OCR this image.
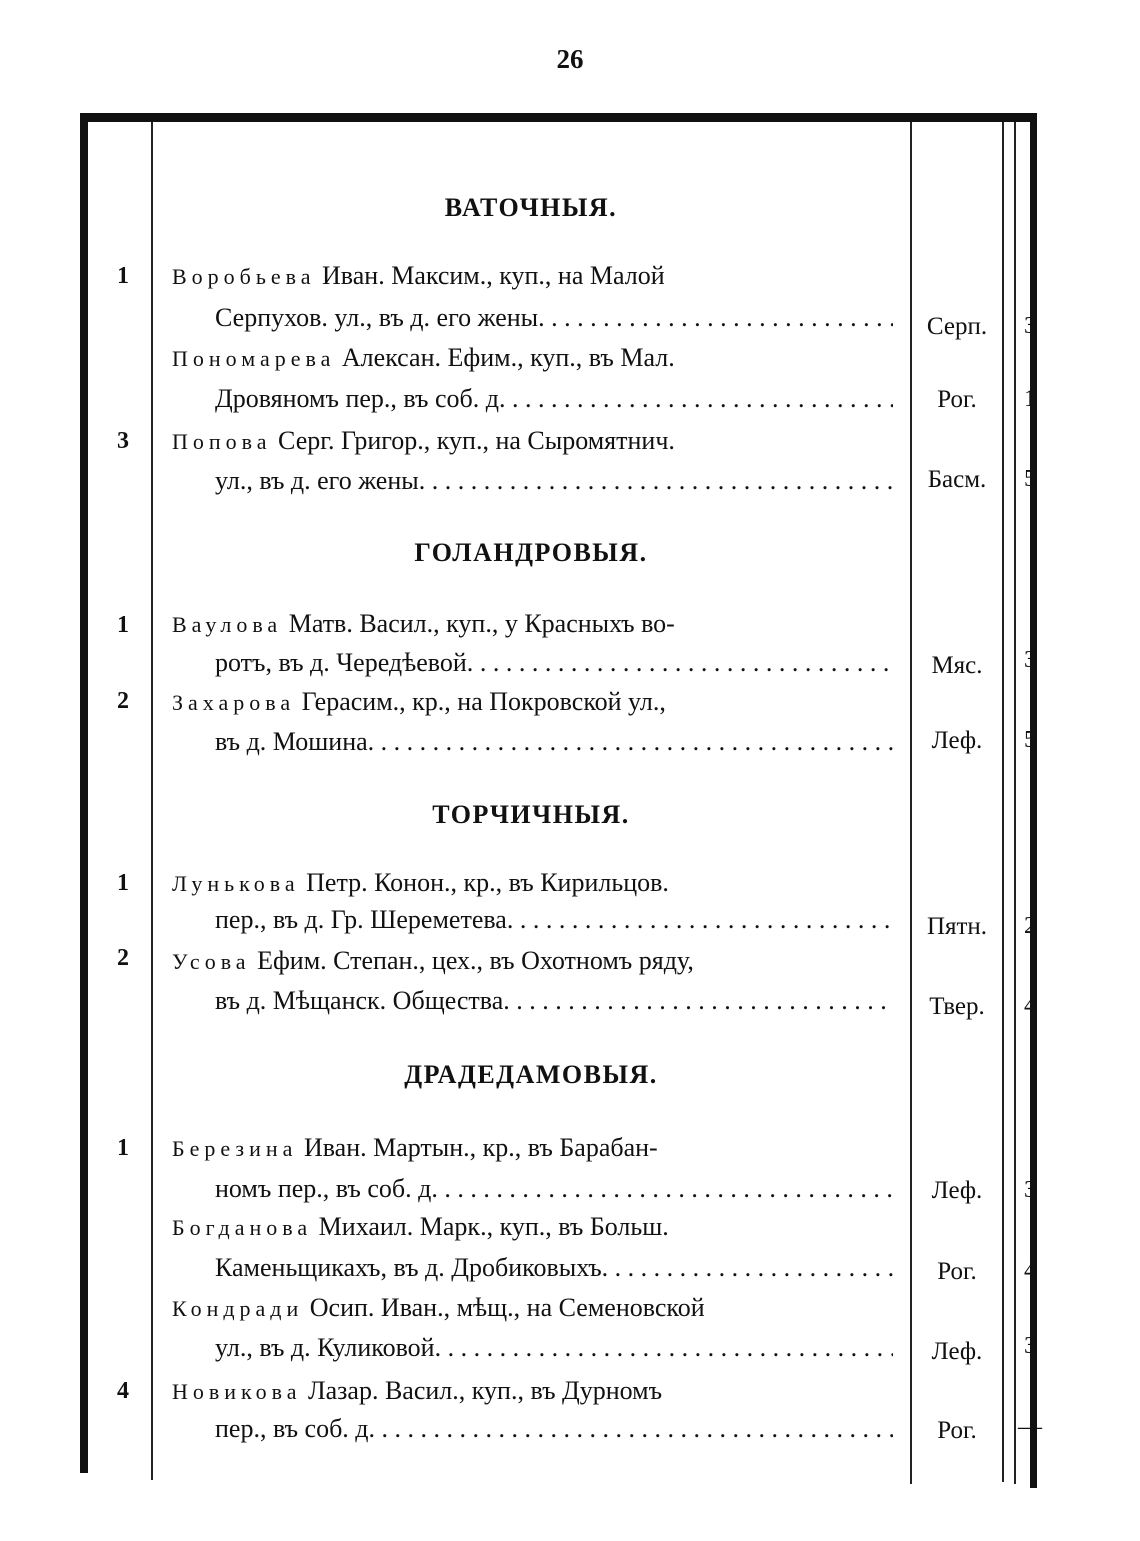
26
ВАТОЧНЫЯ.
1	Воробьева Иван. Максим., куп., на Малой
Серпухов. ул., въ д. его жены. . . .	Серп.	3
Пономарева Алексан. Ефим., куп., въ Мал.
Дровяномъ пер., въ соб. д. . . .	Рог.	1
3	Попова Серг. Григор., куп., на Сыромятнич.
ул., въ д. его жены. . . .	Басм.	5
ГОЛАНДРОВЫЯ.
1	Ваулова Матв. Васил., куп., у Красныхъ во-
ротъ, въ д. Чередѣевой. . . .	Мяс.	3
2	Захарова Герасим., кр., на Покровской ул.,
въ д. Мошина. . . .	Леф.	5
ТОРЧИЧНЫЯ.
1	Лунькова Петр. Конон., кр., въ Кирильцов.
пер., въ д. Гр. Шереметева. . . .	Пятн.	2
2	Усова Ефим. Степан., цех., въ Охотномъ ряду,
въ д. Мѣщанск. Общества. . . .	Твер.	4
ДРАДЕДАМОВЫЯ.
1	Березина Иван. Мартын., кр., въ Барабан-
номъ пер., въ соб. д. . . .	Леф.	3
Богданова Михаил. Марк., куп., въ Больш.
Каменьщикахъ, въ д. Дробиковыхъ. . . .	Рог.	4
Кондради Осип. Иван., мѣщ., на Семеновской
ул., въ д. Куликовой. . . .	Леф.	3
4	Новикова Лазар. Васил., куп., въ Дурномъ
пер., въ соб. д. . . .	Рог.	—
